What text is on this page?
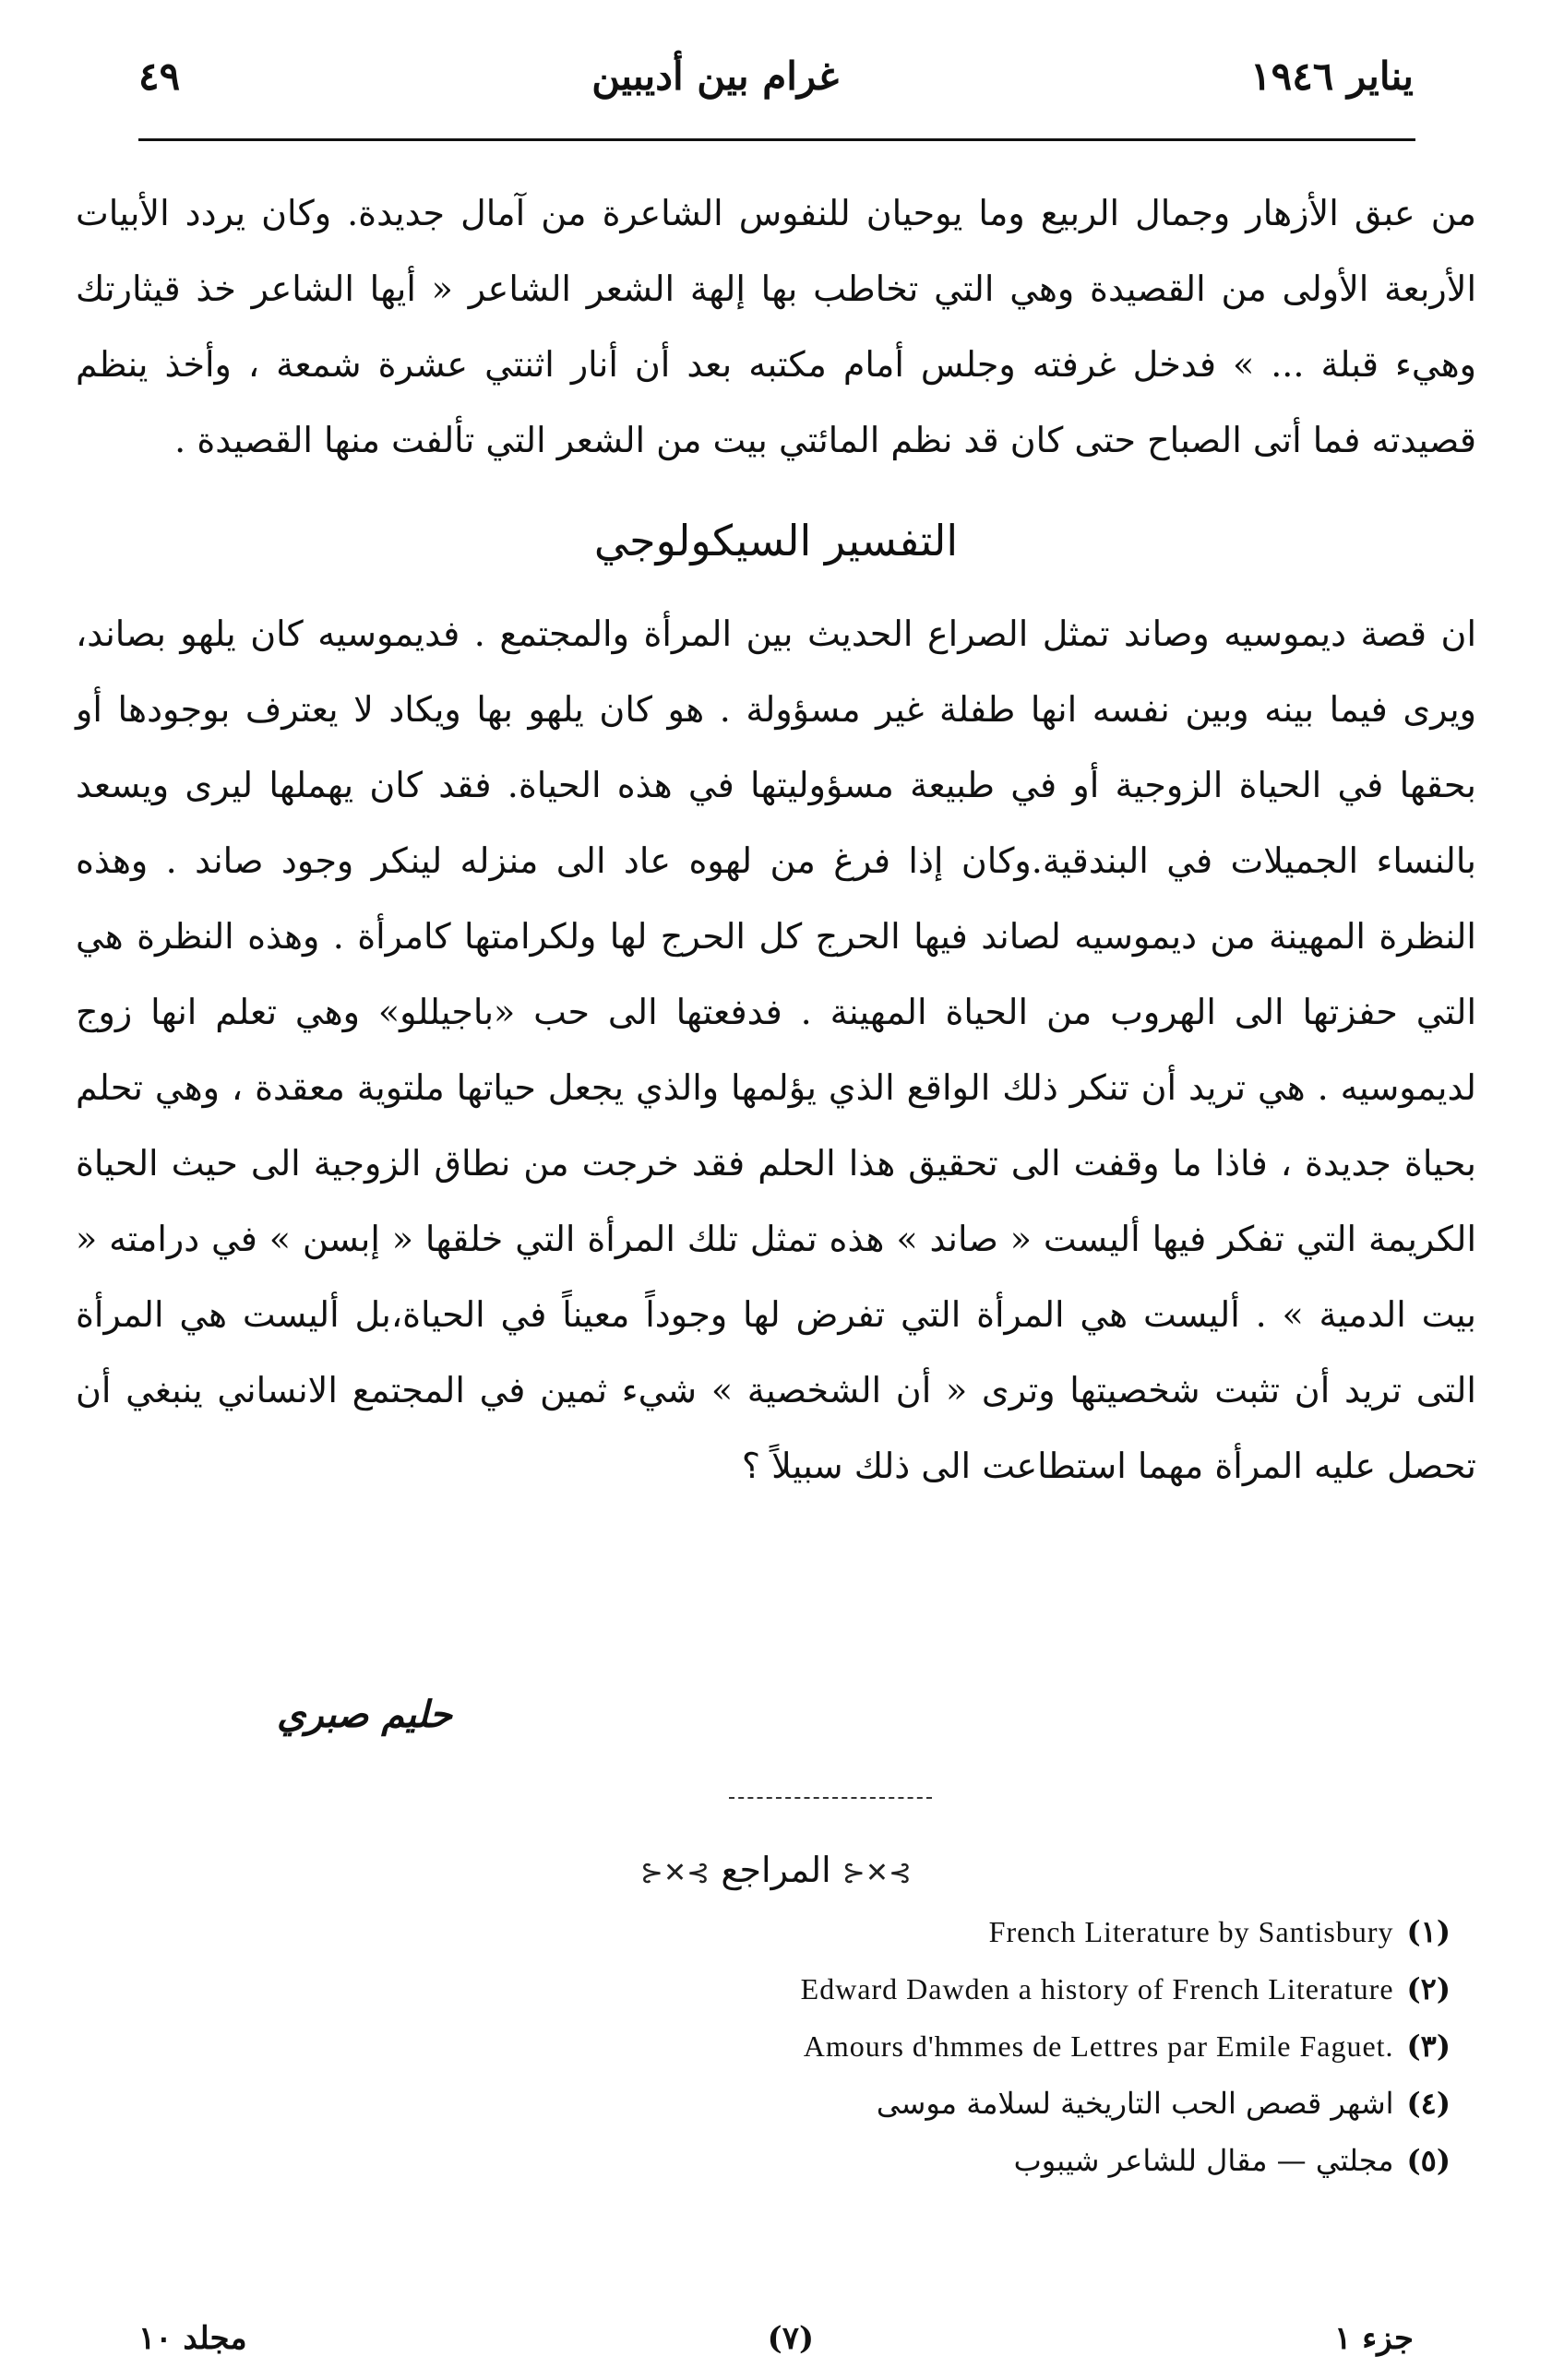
يناير ١٩٤٦
غرام بين أديبين
٤٩

من عبق الأزهار وجمال الربيع وما يوحيان للنفوس الشاعرة من آمال جديدة. وكان يردد الأبيات الأربعة الأولى من القصيدة وهي التي تخاطب بها إلهة الشعر الشاعر « أيها الشاعر خذ قيثارتك وهيء قبلة ... » فدخل غرفته وجلس أمام مكتبه بعد أن أنار اثنتي عشرة شمعة ، وأخذ ينظم قصيدته فما أتى الصباح حتى كان قد نظم المائتي بيت من الشعر التي تألفت منها القصيدة .

التفسير السيكولوجي

ان قصة ديموسيه وصاند تمثل الصراع الحديث بين المرأة والمجتمع . فديموسيه كان يلهو بصاند، ويرى فيما بينه وبين نفسه انها طفلة غير مسؤولة . هو كان يلهو بها ويكاد لا يعترف بوجودها أو بحقها في الحياة الزوجية أو في طبيعة مسؤوليتها في هذه الحياة. فقد كان يهملها ليرى ويسعد بالنساء الجميلات في البندقية.وكان إذا فرغ من لهوه عاد الى منزله لينكر وجود صاند . وهذه النظرة المهينة من ديموسيه لصاند فيها الحرج كل الحرج لها ولكرامتها كامرأة . وهذه النظرة هي التي حفزتها الى الهروب من الحياة المهينة . فدفعتها الى حب «باجيللو» وهي تعلم انها زوج لديموسيه . هي تريد أن تنكر ذلك الواقع الذي يؤلمها والذي يجعل حياتها ملتوية معقدة ، وهي تحلم بحياة جديدة ، فاذا ما وقفت الى تحقيق هذا الحلم فقد خرجت من نطاق الزوجية الى حيث الحياة الكريمة التي تفكر فيها أليست « صاند » هذه تمثل تلك المرأة التي خلقها « إبسن » في درامته « بيت الدمية » . أليست هي المرأة التي تفرض لها وجوداً معيناً في الحياة،بل أليست هي المرأة التى تريد أن تثبت شخصيتها وترى « أن الشخصية » شيء ثمين في المجتمع الانساني ينبغي أن تحصل عليه المرأة مهما استطاعت الى ذلك سبيلاً ؟

حليم صبري
⊱✕⊰ المراجع ⊱✕⊰
(١)
French Literature by Santisbury
(٢)
Edward Dawden a history of French Literature
(٣)
Amours d'hmmes de Lettres par Emile Faguet.
(٤)
اشهر قصص الحب التاريخية لسلامة موسى
(٥)
مجلتي — مقال للشاعر شيبوب
جزء ١
(٧)
مجلد ١٠
